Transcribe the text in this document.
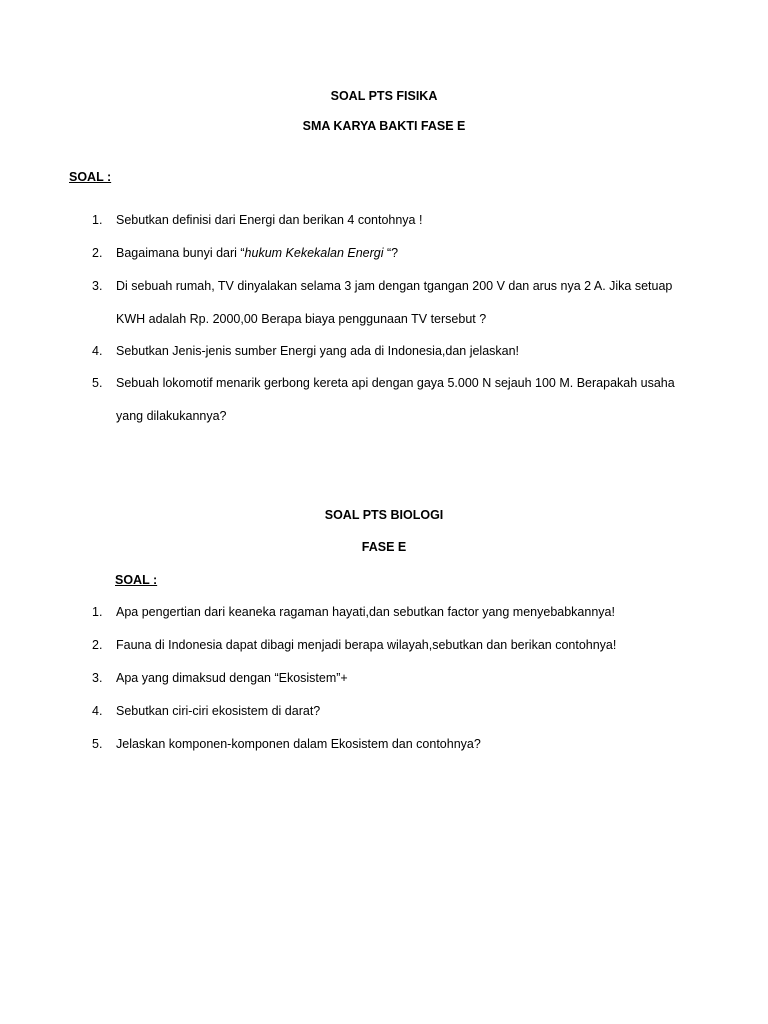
SOAL PTS FISIKA
SMA KARYA BAKTI FASE E
SOAL :
1.	Sebutkan definisi dari Energi dan berikan 4 contohnya !
2.	Bagaimana bunyi dari “hukum Kekekalan Energi “?
3.	Di sebuah rumah, TV dinyalakan selama 3 jam dengan tgangan 200 V dan arus nya 2 A. Jika setuap
KWH adalah Rp. 2000,00 Berapa biaya penggunaan TV tersebut ?
4.	Sebutkan Jenis-jenis sumber Energi yang ada di Indonesia,dan jelaskan!
5.	Sebuah lokomotif menarik gerbong kereta api dengan gaya 5.000 N sejauh 100 M. Berapakah usaha
yang dilakukannya?
SOAL PTS BIOLOGI
FASE E
SOAL :
1.	Apa pengertian dari keaneka ragaman hayati,dan sebutkan factor yang menyebabkannya!
2.	Fauna di Indonesia dapat dibagi menjadi berapa wilayah,sebutkan dan berikan contohnya!
3.	Apa yang dimaksud dengan “Ekosistem”+
4.	Sebutkan ciri-ciri ekosistem di darat?
5.	Jelaskan komponen-komponen dalam Ekosistem dan contohnya?
